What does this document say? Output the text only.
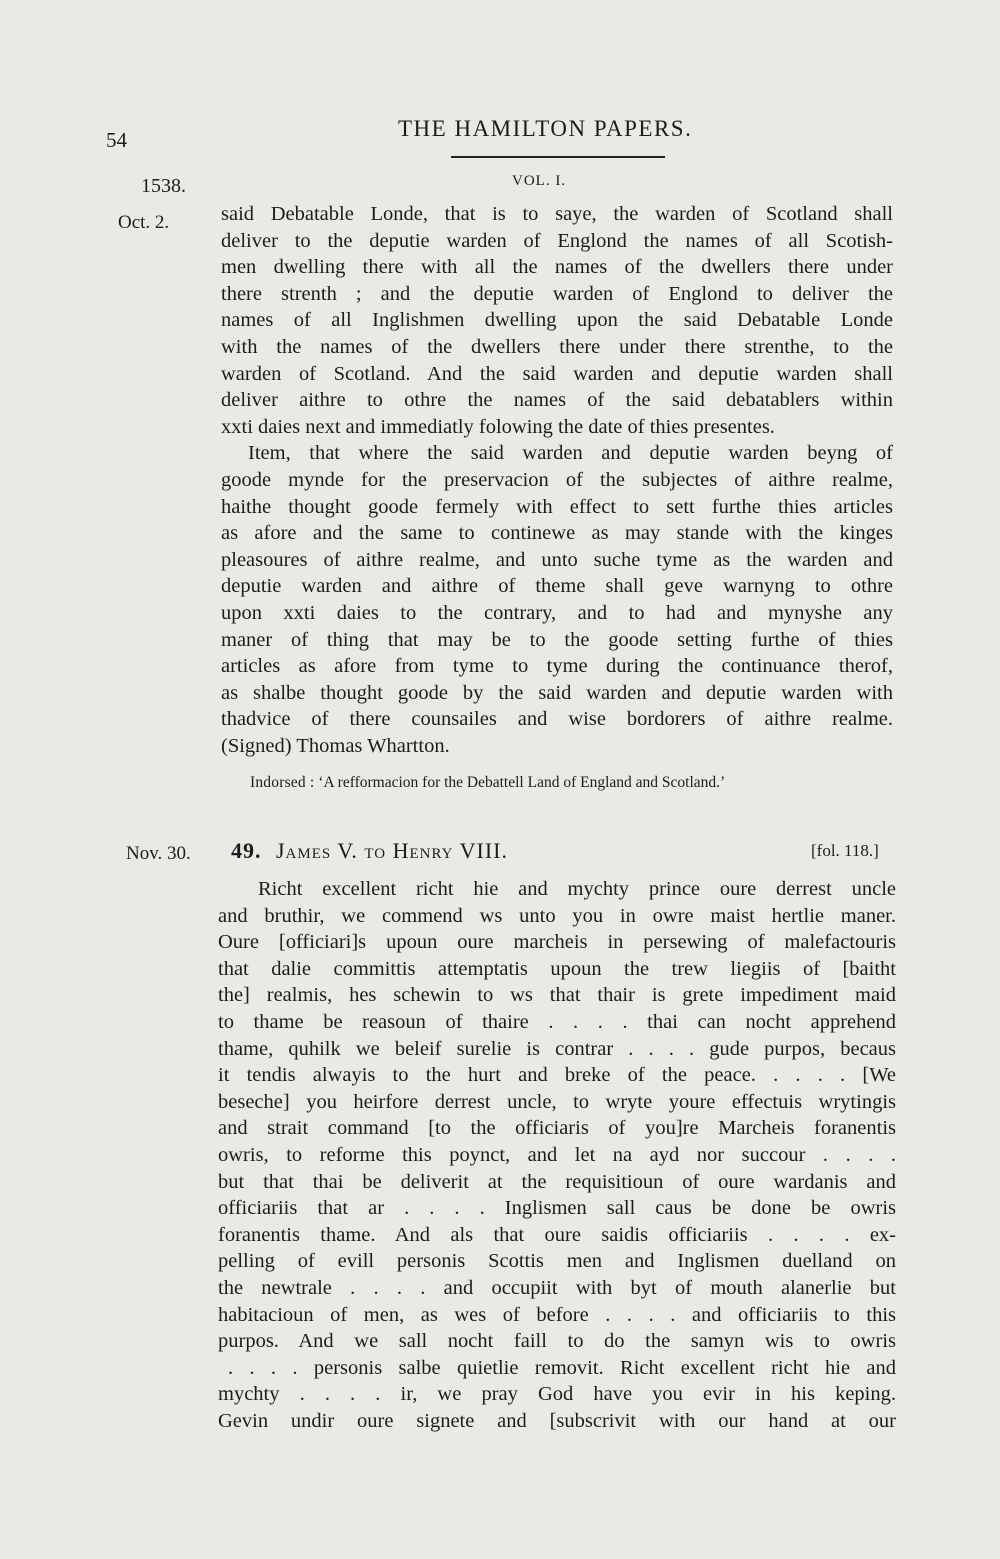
54	THE HAMILTON PAPERS.
1538.	VOL. I.
Oct. 2.	said Debatable Londe, that is to saye, the warden of Scotland shall
deliver to the deputie warden of Englond the names of all Scotish-
men dwelling there with all the names of the dwellers there under
there strenth ; and the deputie warden of Englond to deliver the
names of all Inglishmen dwelling upon the said Debatable Londe
with the names of the dwellers there under there strenthe, to the
warden of Scotland. And the said warden and deputie warden shall
deliver aithre to othre the names of the said debatablers within
xxti daies next and immediatly folowing the date of thies presentes.
Item, that where the said warden and deputie warden beyng of
goode mynde for the preservacion of the subjectes of aithre realme,
haithe thought goode fermely with effect to sett furthe thies articles
as afore and the same to continewe as may stande with the kinges
pleasoures of aithre realme, and unto suche tyme as the warden and
deputie warden and aithre of theme shall geve warnyng to othre
upon xxti daies to the contrary, and to had and mynyshe any
maner of thing that may be to the goode setting furthe of thies
articles as afore from tyme to tyme during the continuance therof,
as shalbe thought goode by the said warden and deputie warden with
thadvice of there counsailes and wise bordorers of aithre realme.
(Signed) Thomas Whartton.
Indorsed : ‘A refformacion for the Debattell Land of England and Scotland.’
Nov. 30. 49. James V. to Henry VIII.	[fol. 118.]
Richt excellent richt hie and mychty prince oure derrest uncle
and bruthir, we commend ws unto you in owre maist hertlie maner.
Oure [officiari]s upoun oure marcheis in persewing of malefactouris
that dalie committis attemptatis upoun the trew liegiis of [baitht
the] realmis, hes schewin to ws that thair is grete impediment maid
to thame be reasoun of thaire . . . . thai can nocht apprehend
thame, quhilk we beleif surelie is contrar . . . . gude purpos, becaus
it tendis alwayis to the hurt and breke of the peace. . . . . [We
beseche] you heirfore derrest uncle, to wryte youre effectuis wrytingis
and strait command [to the officiaris of you]re Marcheis foranentis
owris, to reforme this poynct, and let na ayd nor succour . . . .
but that thai be deliverit at the requisitioun of oure wardanis and
officiariis that ar . . . . Inglismen sall caus be done be owris
foranentis thame. And als that oure saidis officiariis . . . . ex-
pelling of evill personis Scottis men and Inglismen duelland on
the newtrale . . . . and occupiit with byt of mouth alanerlie but
habitacioun of men, as wes of before . . . . and officiariis to this
purpos. And we sall nocht faill to do the samyn wis to owris
. . . . personis salbe quietlie removit. Richt excellent richt hie and
mychty . . . . ir, we pray God have you evir in his keping.
Gevin undir oure signete and [subscrivit with our hand at our
